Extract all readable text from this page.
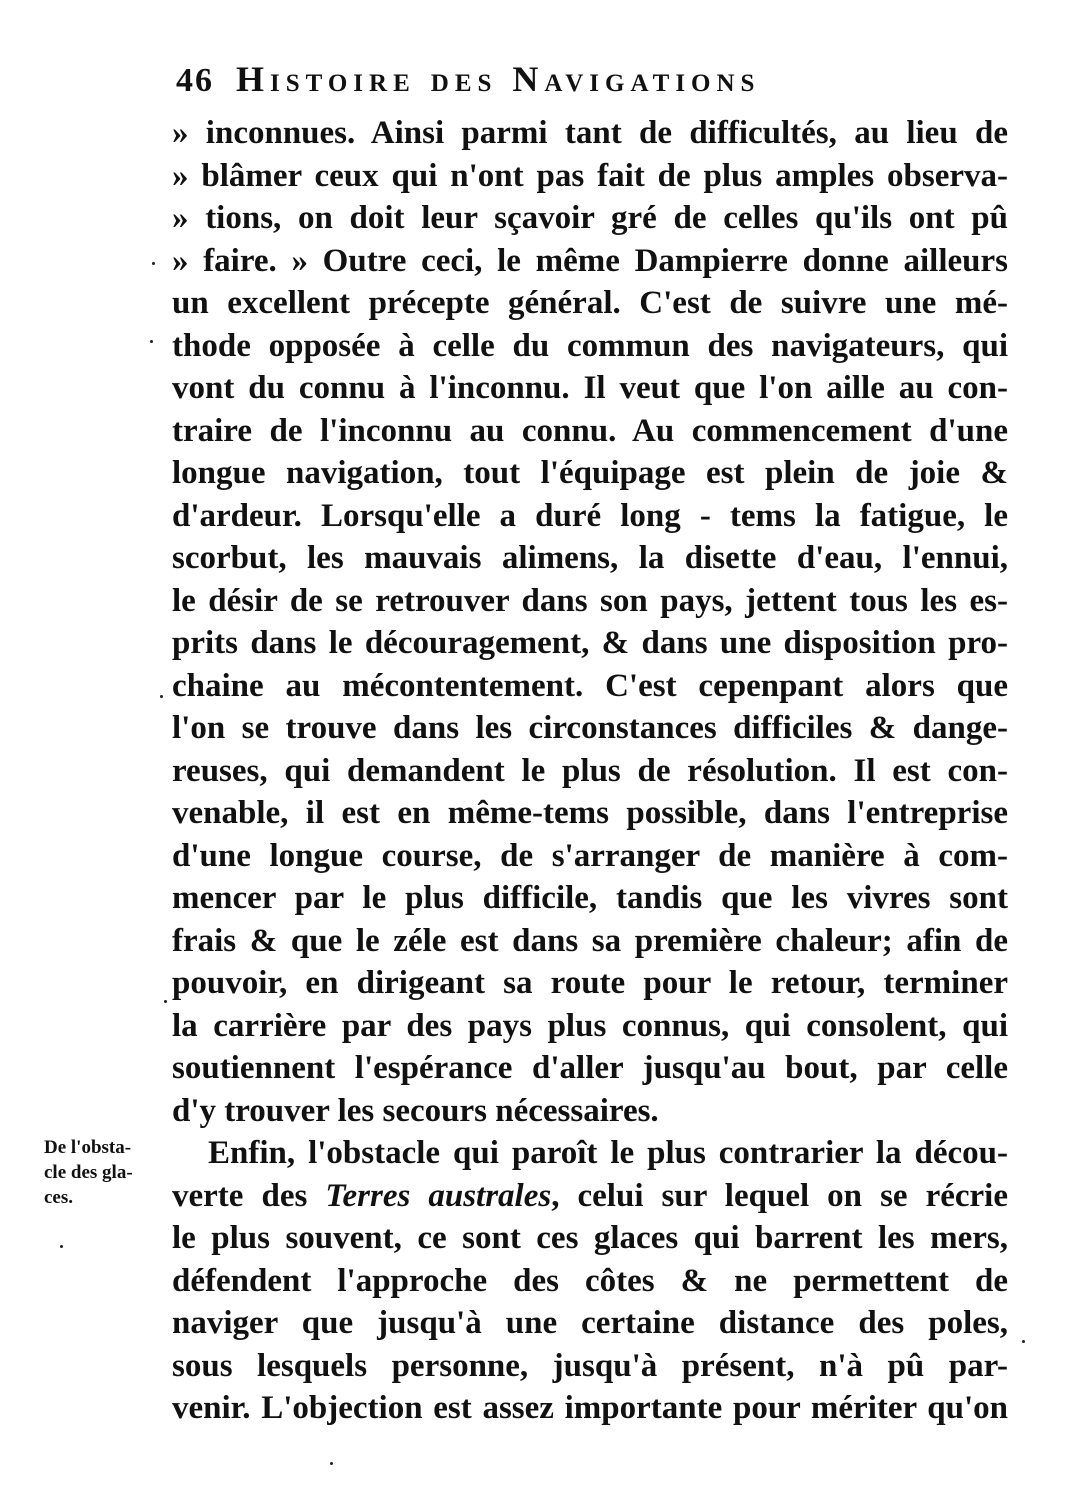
46 Histoire des Navigations
De l'obsta-
cle des gla-
ces.
» inconnues. Ainsi parmi tant de difficultés, au lieu de
» blâmer ceux qui n'ont pas fait de plus amples observa-
» tions, on doit leur sçavoir gré de celles qu'ils ont pû
» faire. » Outre ceci, le même Dampierre donne ailleurs
un excellent précepte général. C'est de suivre une mé-
thode opposée à celle du commun des navigateurs, qui
vont du connu à l'inconnu. Il veut que l'on aille au con-
traire de l'inconnu au connu. Au commencement d'une
longue navigation, tout l'équipage est plein de joie &
d'ardeur. Lorsqu'elle a duré long - tems la fatigue, le
scorbut, les mauvais alimens, la disette d'eau, l'ennui,
le désir de se retrouver dans son pays, jettent tous les es-
prits dans le découragement, & dans une disposition pro-
chaine au mécontentement. C'est cepenpant alors que
l'on se trouve dans les circonstances difficiles & dange-
reuses, qui demandent le plus de résolution. Il est con-
venable, il est en même-tems possible, dans l'entreprise
d'une longue course, de s'arranger de manière à com-
mencer par le plus difficile, tandis que les vivres sont
frais & que le zéle est dans sa première chaleur; afin de
pouvoir, en dirigeant sa route pour le retour, terminer
la carrière par des pays plus connus, qui consolent, qui
soutiennent l'espérance d'aller jusqu'au bout, par celle
d'y trouver les secours nécessaires.
Enfin, l'obstacle qui paroît le plus contrarier la décou-
verte des Terres australes, celui sur lequel on se récrie
le plus souvent, ce sont ces glaces qui barrent les mers,
défendent l'approche des côtes & ne permettent de
naviger que jusqu'à une certaine distance des poles,
sous lesquels personne, jusqu'à présent, n'à pû par-
venir. L'objection est assez importante pour mériter qu'on
